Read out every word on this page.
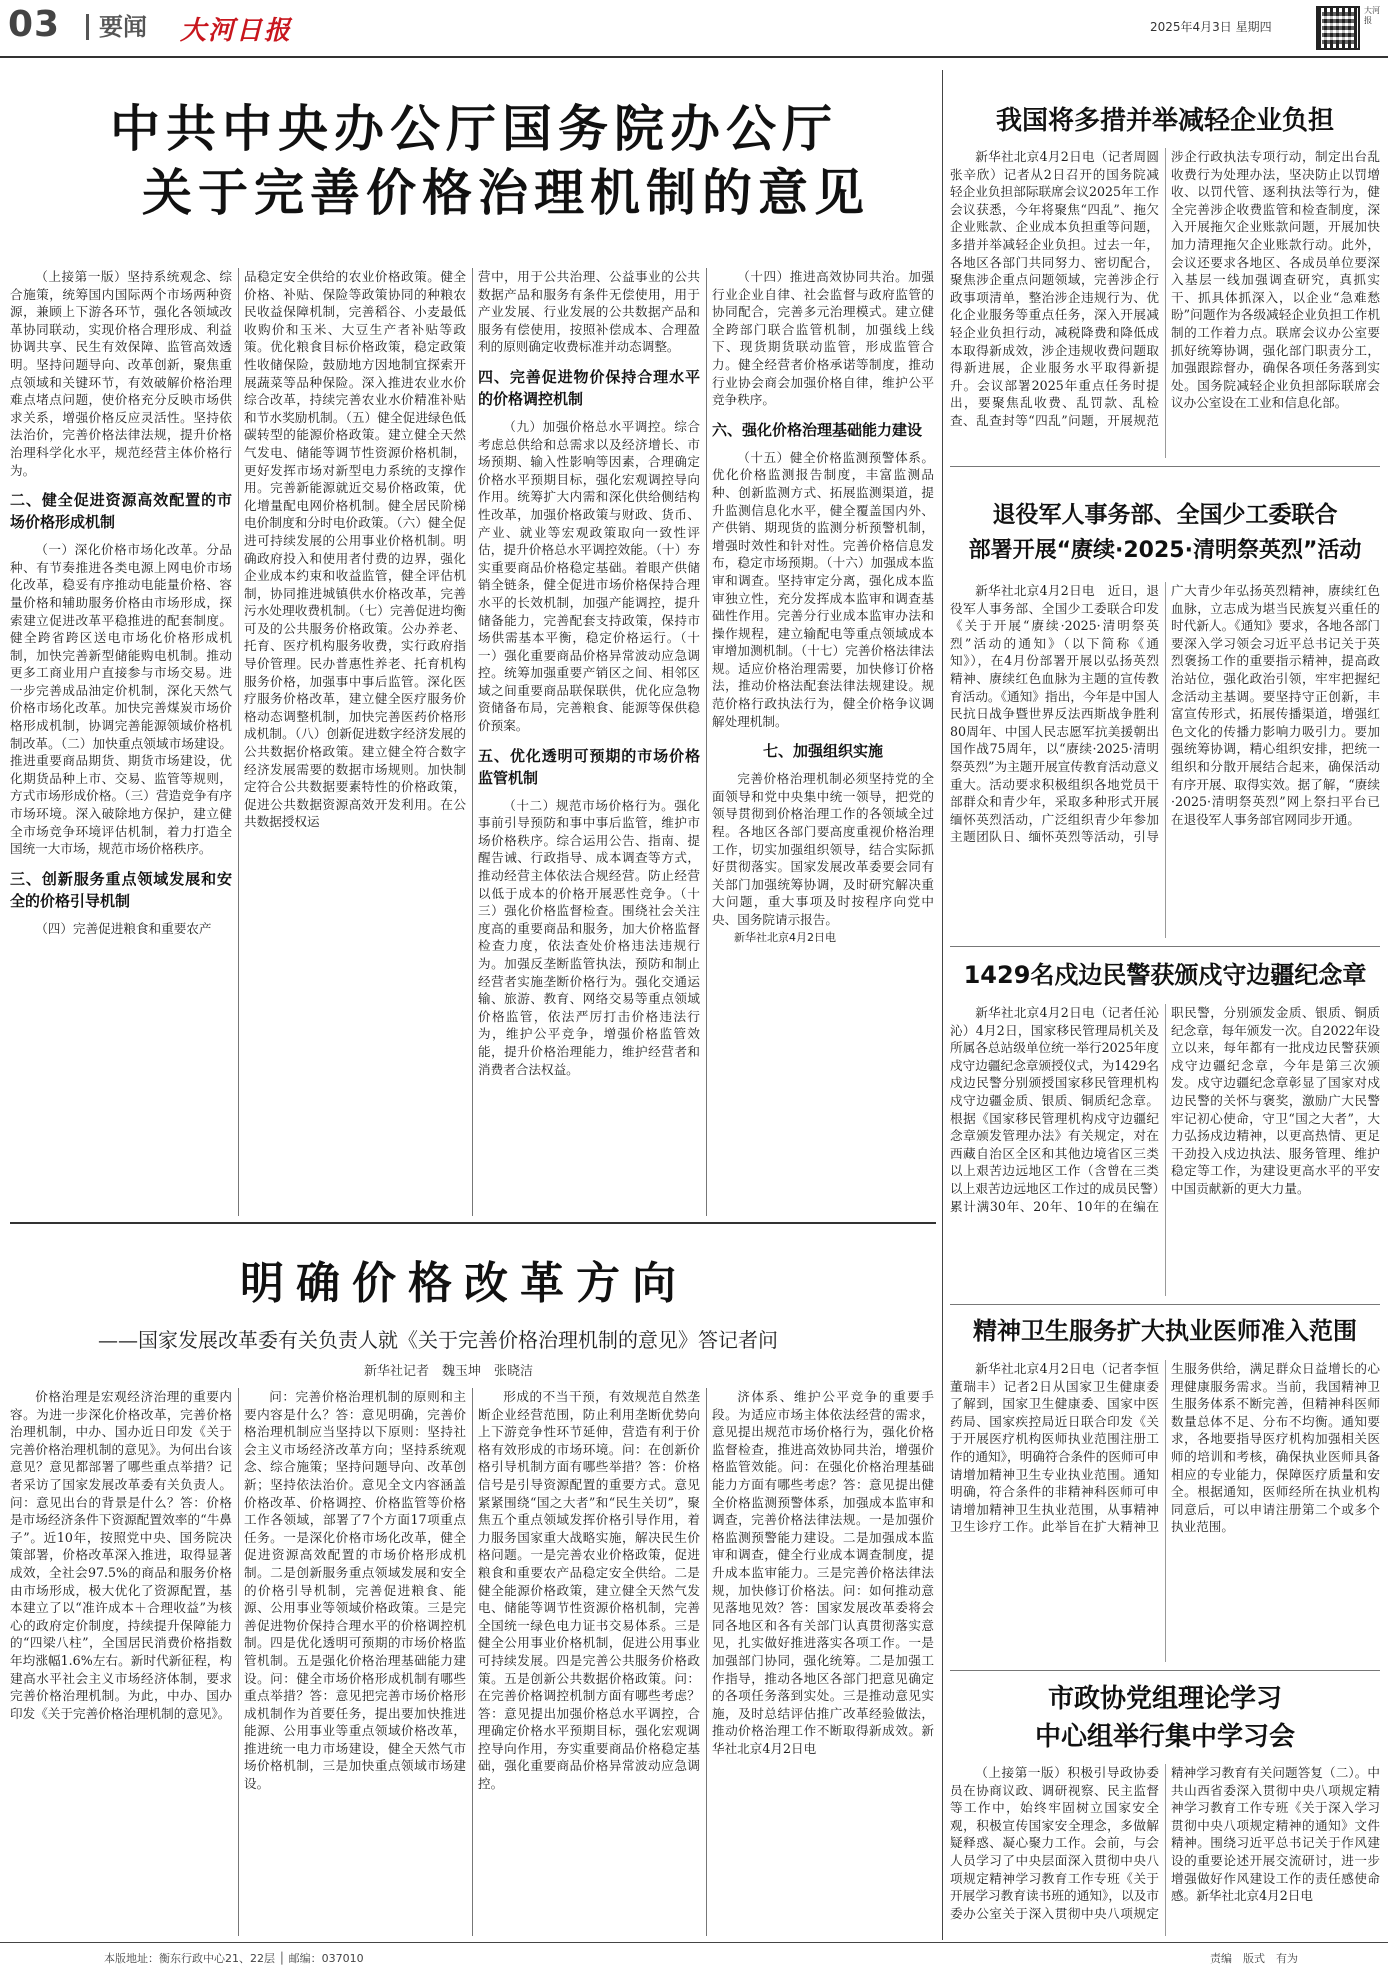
03	要闻 大河日报	2025年4月3日 星期四
大河报
中共中央办公厅国务院办公厅
关于完善价格治理机制的意见

（上接第一版）坚持系统观念、综合施策，统筹国内国际两个市场两种资源，兼顾上下游各环节，强化各领域改革协同联动，实现价格合理形成、利益协调共享、民生有效保障、监管高效透明。坚持问题导向、改革创新，聚焦重点领域和关键环节，有效破解价格治理难点堵点问题，使价格充分反映市场供求关系，增强价格反应灵活性。坚持依法治价，完善价格法律法规，提升价格治理科学化水平，规范经营主体价格行为。

二、健全促进资源高效配置的市场价格形成机制

（一）深化价格市场化改革。分品种、有节奏推进各类电源上网电价市场化改革，稳妥有序推动电能量价格、容量价格和辅助服务价格由市场形成，探索建立促进改革平稳推进的配套制度。健全跨省跨区送电市场化价格形成机制，加快完善新型储能购电机制。推动更多工商业用户直接参与市场交易。进一步完善成品油定价机制，深化天然气价格市场化改革。加快完善煤炭市场价格形成机制，协调完善能源领域价格机制改革。（二）加快重点领域市场建设。推进重要商品期货、期货市场建设，优化期货品种上市、交易、监管等规则，方式市场形成价格。（三）营造竞争有序市场环境。深入破除地方保护，建立健全市场竞争环境评估机制，着力打造全国统一大市场，规范市场价格秩序。

三、创新服务重点领域发展和安全的价格引导机制

（四）完善促进粮食和重要农产

品稳定安全供给的农业价格政策。健全价格、补贴、保险等政策协同的种粮农民收益保障机制，完善稻谷、小麦最低收购价和玉米、大豆生产者补贴等政策。优化粮食目标价格政策，稳定政策性收储保险，鼓励地方因地制宜探索开展蔬菜等品种保险。深入推进农业水价综合改革，持续完善农业水价精准补贴和节水奖励机制。（五）健全促进绿色低碳转型的能源价格政策。建立健全天然气发电、储能等调节性资源价格机制，更好发挥市场对新型电力系统的支撑作用。完善新能源就近交易价格政策，优化增量配电网价格机制。健全居民阶梯电价制度和分时电价政策。（六）健全促进可持续发展的公用事业价格机制。明确政府投入和使用者付费的边界，强化企业成本约束和收益监管，健全评估机制，协同推进城镇供水价格改革，完善污水处理收费机制。（七）完善促进均衡可及的公共服务价格政策。公办养老、托育、医疗机构服务收费，实行政府指导价管理。民办普惠性养老、托育机构服务价格，加强事中事后监管。深化医疗服务价格改革，建立健全医疗服务价格动态调整机制，加快完善医药价格形成机制。（八）创新促进数字经济发展的公共数据价格政策。建立健全符合数字经济发展需要的数据市场规则。加快制定符合公共数据要素特性的价格政策，促进公共数据资源高效开发利用。在公共数据授权运

营中，用于公共治理、公益事业的公共数据产品和服务有条件无偿使用，用于产业发展、行业发展的公共数据产品和服务有偿使用，按照补偿成本、合理盈利的原则确定收费标准并动态调整。

四、完善促进物价保持合理水平的价格调控机制

（九）加强价格总水平调控。综合考虑总供给和总需求以及经济增长、市场预期、输入性影响等因素，合理确定价格水平预期目标，强化宏观调控导向作用。统筹扩大内需和深化供给侧结构性改革，加强价格政策与财政、货币、产业、就业等宏观政策取向一致性评估，提升价格总水平调控效能。（十）夯实重要商品价格稳定基础。着眼产供储销全链条，健全促进市场价格保持合理水平的长效机制，加强产能调控，提升储备能力，完善配套支持政策，保持市场供需基本平衡，稳定价格运行。（十一）强化重要商品价格异常波动应急调控。统筹加强重要产销区之间、相邻区域之间重要商品联保联供，优化应急物资储备布局，完善粮食、能源等保供稳价预案。

五、优化透明可预期的市场价格监管机制

（十二）规范市场价格行为。强化事前引导预防和事中事后监管，维护市场价格秩序。综合运用公告、指南、提醒告诫、行政指导、成本调查等方式，推动经营主体依法合规经营。防止经营以低于成本的价格开展恶性竞争。（十三）强化价格监督检查。围绕社会关注度高的重要商品和服务，加大价格监督检查力度，依法查处价格违法违规行为。加强反垄断监管执法，预防和制止经营者实施垄断价格行为。强化交通运输、旅游、教育、网络交易等重点领域价格监管，依法严厉打击价格违法行为，维护公平竞争，增强价格监管效能，提升价格治理能力，维护经营者和消费者合法权益。

（十四）推进高效协同共治。加强行业企业自律、社会监督与政府监管的协同配合，完善多元治理模式。建立健全跨部门联合监管机制，加强线上线下、现货期货联动监管，形成监管合力。健全经营者价格承诺等制度，推动行业协会商会加强价格自律，维护公平竞争秩序。

六、强化价格治理基础能力建设

（十五）健全价格监测预警体系。优化价格监测报告制度，丰富监测品种、创新监测方式、拓展监测渠道，提升监测信息化水平，健全覆盖国内外、产供销、期现货的监测分析预警机制，增强时效性和针对性。完善价格信息发布，稳定市场预期。（十六）加强成本监审和调查。坚持审定分离，强化成本监审独立性，充分发挥成本监审和调查基础性作用。完善分行业成本监审办法和操作规程，建立输配电等重点领域成本审增加测机制。（十七）完善价格法律法规。适应价格治理需要，加快修订价格法，推动价格法配套法律法规建设。规范价格行政执法行为，健全价格争议调解处理机制。

七、加强组织实施

完善价格治理机制必须坚持党的全面领导和党中央集中统一领导，把党的领导贯彻到价格治理工作的各领域全过程。各地区各部门要高度重视价格治理工作，切实加强组织领导，结合实际抓好贯彻落实。国家发展改革委要会同有关部门加强统筹协调，及时研究解决重大问题，重大事项及时按程序向党中央、国务院请示报告。

新华社北京4月2日电

明确价格改革方向
——国家发展改革委有关负责人就《关于完善价格治理机制的意见》答记者问
新华社记者　魏玉坤　张晓洁

价格治理是宏观经济治理的重要内容。为进一步深化价格改革，完善价格治理机制，中办、国办近日印发《关于完善价格治理机制的意见》。为何出台该意见？意见都部署了哪些重点举措？记者采访了国家发展改革委有关负责人。问：意见出台的背景是什么？答：价格是市场经济条件下资源配置效率的“牛鼻子”。近10年，按照党中央、国务院决策部署，价格改革深入推进，取得显著成效，全社会97.5%的商品和服务价格由市场形成，极大优化了资源配置，基本建立了以“准许成本＋合理收益”为核心的政府定价制度，持续提升保障能力的“四梁八柱”，全国居民消费价格指数年均涨幅1.6%左右。新时代新征程，构建高水平社会主义市场经济体制，要求完善价格治理机制。为此，中办、国办印发《关于完善价格治理机制的意见》。

问：完善价格治理机制的原则和主要内容是什么？答：意见明确，完善价格治理机制应当坚持以下原则：坚持社会主义市场经济改革方向；坚持系统观念、综合施策；坚持问题导向、改革创新；坚持依法治价。意见全文内容涵盖价格改革、价格调控、价格监管等价格工作各领域，部署了7个方面17项重点任务。一是深化价格市场化改革，健全促进资源高效配置的市场价格形成机制。二是创新服务重点领域发展和安全的价格引导机制，完善促进粮食、能源、公用事业等领域价格政策。三是完善促进物价保持合理水平的价格调控机制。四是优化透明可预期的市场价格监管机制。五是强化价格治理基础能力建设。问：健全市场价格形成机制有哪些重点举措？答：意见把完善市场价格形成机制作为首要任务，提出要加快推进能源、公用事业等重点领域价格改革，推进统一电力市场建设，健全天然气市场价格机制，三是加快重点领域市场建设。

形成的不当干预，有效规范自然垄断企业经营范围，防止利用垄断优势向上下游竞争性环节延伸，营造有利于价格有效形成的市场环境。问：在创新价格引导机制方面有哪些举措？答：价格信号是引导资源配置的重要方式。意见紧紧围绕“国之大者”和“民生关切”，聚焦五个重点领域发挥价格引导作用，着力服务国家重大战略实施，解决民生价格问题。一是完善农业价格政策，促进粮食和重要农产品稳定安全供给。二是健全能源价格政策，建立健全天然气发电、储能等调节性资源价格机制，完善全国统一绿色电力证书交易体系。三是健全公用事业价格机制，促进公用事业可持续发展。四是完善公共服务价格政策。五是创新公共数据价格政策。问：在完善价格调控机制方面有哪些考虑？答：意见提出加强价格总水平调控，合理确定价格水平预期目标，强化宏观调控导向作用，夯实重要商品价格稳定基础，强化重要商品价格异常波动应急调控。

济体系、维护公平竞争的重要手段。为适应市场主体依法经营的需求，意见提出规范市场价格行为，强化价格监督检查，推进高效协同共治，增强价格监管效能。问：在强化价格治理基础能力方面有哪些考虑？答：意见提出健全价格监测预警体系，加强成本监审和调查，完善价格法律法规。一是加强价格监测预警能力建设。二是加强成本监审和调查，健全行业成本调查制度，提升成本监审能力。三是完善价格法律法规，加快修订价格法。问：如何推动意见落地见效？答：国家发展改革委将会同各地区和各有关部门认真贯彻落实意见，扎实做好推进落实各项工作。一是加强部门协同，强化统筹。二是加强工作指导，推动各地区各部门把意见确定的各项任务落到实处。三是推动意见实施，及时总结评估推广改革经验做法，推动价格治理工作不断取得新成效。新华社北京4月2日电

我国将多措并举减轻企业负担

新华社北京4月2日电（记者周圆　张辛欣）记者从2日召开的国务院减轻企业负担部际联席会议2025年工作会议获悉，今年将聚焦“四乱”、拖欠企业账款、企业成本负担重等问题，多措并举减轻企业负担。过去一年，各地区各部门共同努力、密切配合，聚焦涉企重点问题领域，完善涉企行政事项清单，整治涉企违规行为、优化企业服务等重点任务，深入开展减轻企业负担行动，减税降费和降低成本取得新成效，涉企违规收费问题取得新进展，企业服务水平取得新提升。会议部署2025年重点任务时提出，要聚焦乱收费、乱罚款、乱检查、乱查封等“四乱”问题，开展规范涉企行政执法专项行动，制定出台乱收费行为处理办法，坚决防止以罚增收、以罚代管、逐利执法等行为，健全完善涉企收费监管和检查制度，深入开展拖欠企业账款问题，开展加快加力清理拖欠企业账款行动。此外，会议还要求各地区、各成员单位要深入基层一线加强调查研究，真抓实干、抓具体抓深入，以企业“急难愁盼”问题作为各级减轻企业负担工作机制的工作着力点。联席会议办公室要抓好统筹协调，强化部门职责分工，加强跟踪督办，确保各项任务落到实处。国务院减轻企业负担部际联席会议办公室设在工业和信息化部。

退役军人事务部、全国少工委联合
部署开展“赓续·2025·清明祭英烈”活动

新华社北京4月2日电　近日，退役军人事务部、全国少工委联合印发《关于开展“赓续·2025·清明祭英烈”活动的通知》（以下简称《通知》），在4月份部署开展以弘扬英烈精神、赓续红色血脉为主题的宣传教育活动。《通知》指出，今年是中国人民抗日战争暨世界反法西斯战争胜利80周年、中国人民志愿军抗美援朝出国作战75周年，以“赓续·2025·清明祭英烈”为主题开展宣传教育活动意义重大。活动要求积极组织各地党员干部群众和青少年，采取多种形式开展缅怀英烈活动，广泛组织青少年参加主题团队日、缅怀英烈等活动，引导广大青少年弘扬英烈精神，赓续红色血脉，立志成为堪当民族复兴重任的时代新人。《通知》要求，各地各部门要深入学习领会习近平总书记关于英烈褒扬工作的重要指示精神，提高政治站位，强化政治引领，牢牢把握纪念活动主基调。要坚持守正创新，丰富宣传形式，拓展传播渠道，增强红色文化的传播力影响力吸引力。要加强统筹协调，精心组织安排，把统一组织和分散开展结合起来，确保活动有序开展、取得实效。据了解，“赓续·2025·清明祭英烈”网上祭扫平台已在退役军人事务部官网同步开通。

1429名戍边民警获颁戍守边疆纪念章

新华社北京4月2日电（记者任沁沁）4月2日，国家移民管理局机关及所属各总站级单位统一举行2025年度戍守边疆纪念章颁授仪式，为1429名戍边民警分别颁授国家移民管理机构戍守边疆金质、银质、铜质纪念章。根据《国家移民管理机构戍守边疆纪念章颁发管理办法》有关规定，对在西藏自治区全区和其他边境省区三类以上艰苦边远地区工作（含曾在三类以上艰苦边远地区工作过的成员民警）累计满30年、20年、10年的在编在职民警，分别颁发金质、银质、铜质纪念章，每年颁发一次。自2022年设立以来，每年都有一批戍边民警获颁戍守边疆纪念章，今年是第三次颁发。戍守边疆纪念章彰显了国家对戍边民警的关怀与褒奖，激励广大民警牢记初心使命，守卫“国之大者”，大力弘扬戍边精神，以更高热情、更足干劲投入戍边执法、服务管理、维护稳定等工作，为建设更高水平的平安中国贡献新的更大力量。

精神卫生服务扩大执业医师准入范围

新华社北京4月2日电（记者李恒　董瑞丰）记者2日从国家卫生健康委了解到，国家卫生健康委、国家中医药局、国家疾控局近日联合印发《关于开展医疗机构医师执业范围注册工作的通知》，明确符合条件的医师可申请增加精神卫生专业执业范围。通知明确，符合条件的非精神科医师可申请增加精神卫生执业范围，从事精神卫生诊疗工作。此举旨在扩大精神卫生服务供给，满足群众日益增长的心理健康服务需求。当前，我国精神卫生服务体系不断完善，但精神科医师数量总体不足、分布不均衡。通知要求，各地要指导医疗机构加强相关医师的培训和考核，确保执业医师具备相应的专业能力，保障医疗质量和安全。根据通知，医师经所在执业机构同意后，可以申请注册第二个或多个执业范围。

市政协党组理论学习
中心组举行集中学习会

（上接第一版）积极引导政协委员在协商议政、调研视察、民主监督等工作中，始终牢固树立国家安全观，积极宣传国家安全理念，多做解疑释惑、凝心聚力工作。会前，与会人员学习了中央层面深入贯彻中央八项规定精神学习教育工作专班《关于开展学习教育读书班的通知》，以及市委办公室关于深入贯彻中央八项规定精神学习教育有关问题答复（二）。中共山西省委深入贯彻中央八项规定精神学习教育工作专班《关于深入学习贯彻中央八项规定精神的通知》文件精神。围绕习近平总书记关于作风建设的重要论述开展交流研讨，进一步增强做好作风建设工作的责任感使命感。新华社北京4月2日电

本版地址：衡东行政中心21、22层 │ 邮编：037010	责编　版式　有为
